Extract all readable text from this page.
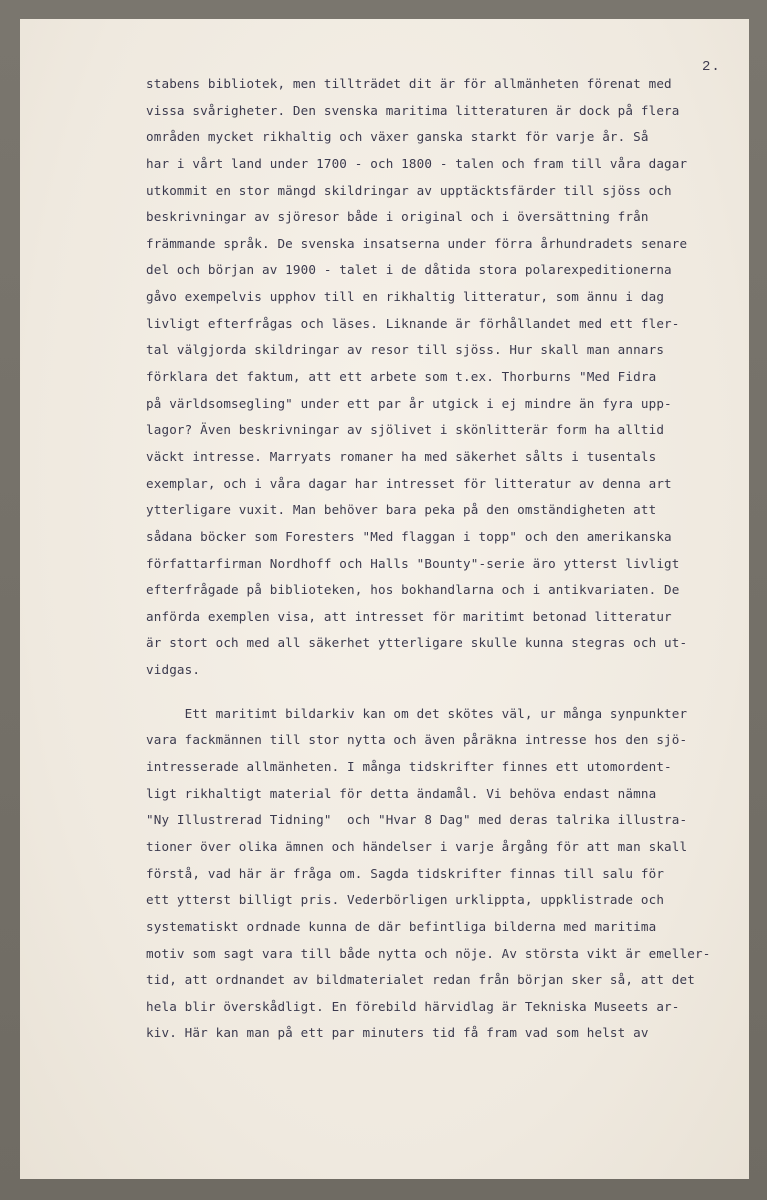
2.
stabens bibliotek, men tillträdet dit är för allmänheten förenat med
vissa svårigheter. Den svenska maritima litteraturen är dock på flera
områden mycket rikhaltig och växer ganska starkt för varje år. Så
har i vårt land under 1700 - och 1800 - talen och fram till våra dagar
utkommit en stor mängd skildringar av upptäcktsfärder till sjöss och
beskrivningar av sjöresor både i original och i översättning från
främmande språk. De svenska insatserna under förra århundradets senare
del och början av 1900 - talet i de dåtida stora polarexpeditionerna
gåvo exempelvis upphov till en rikhaltig litteratur, som ännu i dag
livligt efterfrågas och läses. Liknande är förhållandet med ett fler-
tal välgjorda skildringar av resor till sjöss. Hur skall man annars
förklara det faktum, att ett arbete som t.ex. Thorburns "Med Fidra
på världsomsegling" under ett par år utgick i ej mindre än fyra upp-
lagor? Även beskrivningar av sjölivet i skönlitterär form ha alltid
väckt intresse. Marryats romaner ha med säkerhet sålts i tusentals
exemplar, och i våra dagar har intresset för litteratur av denna art
ytterligare vuxit. Man behöver bara peka på den omständigheten att
sådana böcker som Foresters "Med flaggan i topp" och den amerikanska
författarfirman Nordhoff och Halls "Bounty"-serie äro ytterst livligt
efterfrågade på biblioteken, hos bokhandlarna och i antikvariaten. De
anförda exemplen visa, att intresset för maritimt betonad litteratur
är stort och med all säkerhet ytterligare skulle kunna stegras och ut-
vidgas.
Ett maritimt bildarkiv kan om det skötes väl, ur många synpunkter
vara fackmännen till stor nytta och även påräkna intresse hos den sjö-
intresserade allmänheten. I många tidskrifter finnes ett utomordent-
ligt rikhaltigt material för detta ändamål. Vi behöva endast nämna
"Ny Illustrerad Tidning"  och "Hvar 8 Dag" med deras talrika illustra-
tioner över olika ämnen och händelser i varje årgång för att man skall
förstå, vad här är fråga om. Sagda tidskrifter finnas till salu för
ett ytterst billigt pris. Vederbörligen urklippta, uppklistrade och
systematiskt ordnade kunna de där befintliga bilderna med maritima
motiv som sagt vara till både nytta och nöje. Av största vikt är emeller-
tid, att ordnandet av bildmaterialet redan från början sker så, att det
hela blir överskådligt. En förebild härvidlag är Tekniska Museets ar-
kiv. Här kan man på ett par minuters tid få fram vad som helst av
